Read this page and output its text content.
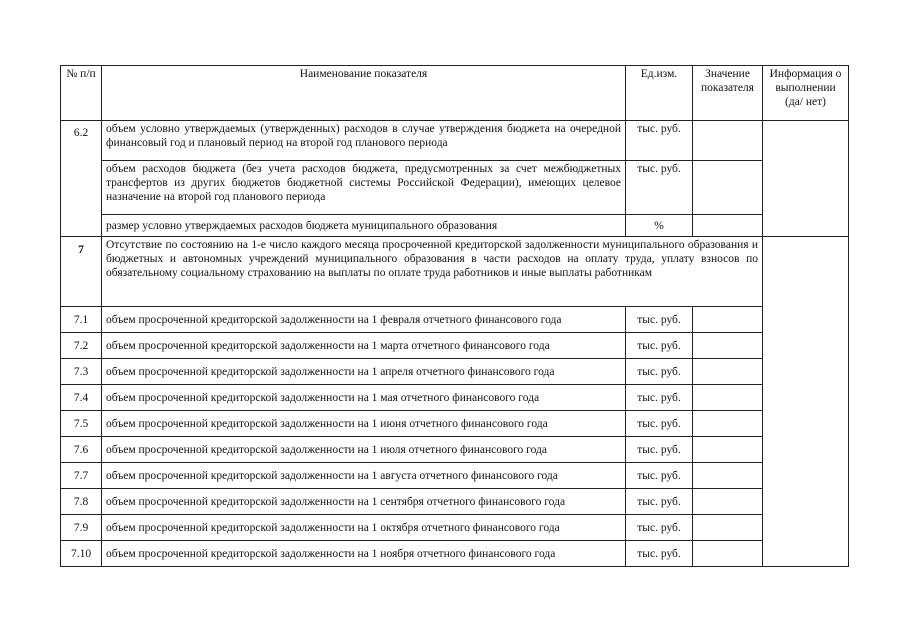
№ п/п	Наименование показателя	Ед.изм.	Значение показателя	Информация о выполнении (да/ нет)
6.2	объем условно утверждаемых (утвержденных) расходов в случае утверждения бюджета на очередной финансовый год и плановый период на второй год планового периода	тыс. руб.		
	объем расходов бюджета (без учета расходов бюджета, предусмотренных за счет межбюджетных трансфертов из других бюджетов бюджетной системы Российской Федерации), имеющих целевое назначение на второй год планового периода	тыс. руб.		
	размер условно утверждаемых расходов бюджета муниципального образования	%		
7	Отсутствие по состоянию на 1-е число каждого месяца просроченной кредиторской задолженности муниципального образования и бюджетных и автономных учреждений муниципального образования в части расходов на оплату труда, уплату взносов по обязательному социальному страхованию на выплаты по оплате труда работников и иные выплаты работникам			
7.1	объем просроченной кредиторской задолженности на 1 февраля отчетного финансового года	тыс. руб.		
7.2	объем просроченной кредиторской задолженности на 1 марта отчетного финансового года	тыс. руб.		
7.3	объем просроченной кредиторской задолженности на 1 апреля отчетного финансового года	тыс. руб.		
7.4	объем просроченной кредиторской задолженности на 1 мая отчетного финансового года	тыс. руб.		
7.5	объем просроченной кредиторской задолженности на 1 июня отчетного финансового года	тыс. руб.		
7.6	объем просроченной кредиторской задолженности на 1 июля отчетного финансового года	тыс. руб.		
7.7	объем просроченной кредиторской задолженности на 1 августа отчетного финансового года	тыс. руб.		
7.8	объем просроченной кредиторской задолженности на 1 сентября отчетного финансового года	тыс. руб.		
7.9	объем просроченной кредиторской задолженности на 1 октября отчетного финансового года	тыс. руб.		
7.10	объем просроченной кредиторской задолженности на 1 ноября отчетного финансового года	тыс. руб.		
